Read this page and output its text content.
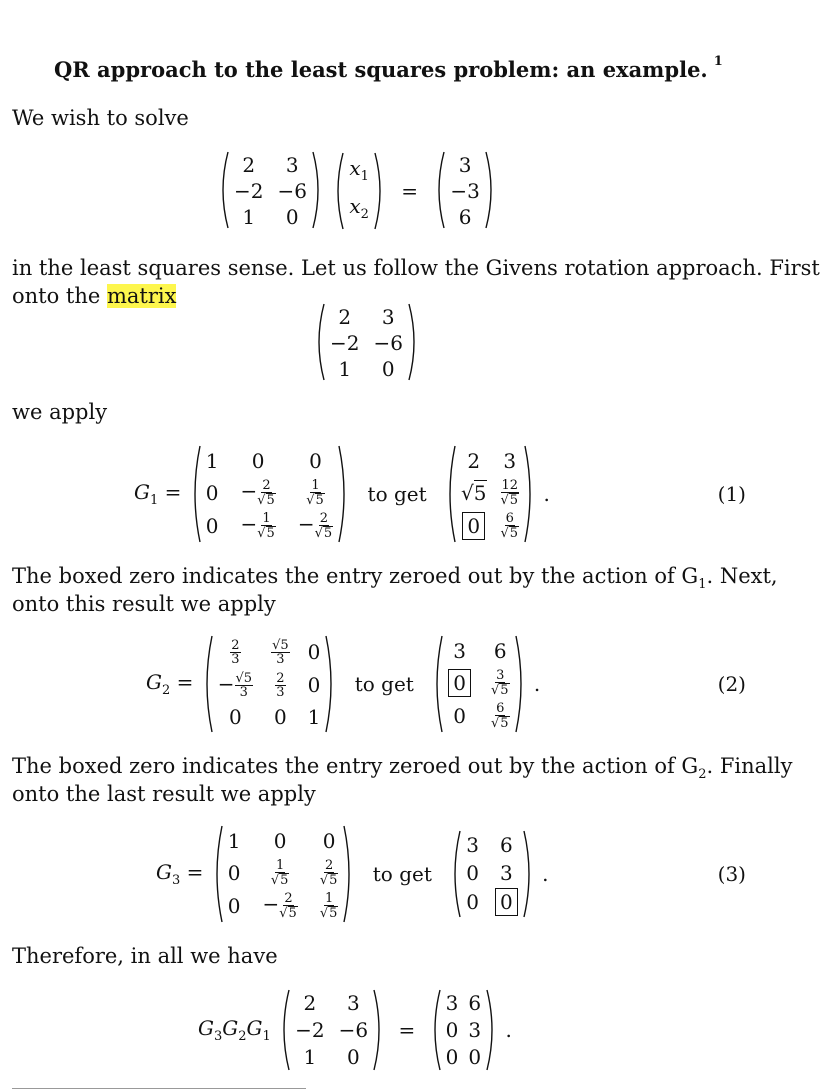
QR approach to the least squares problem: an example. $^1$
We wish to solve
2 3
−2 −6
1 0

$x_1$
$x_2$
=
3
−3
6
in the least squares sense. Let us follow the Givens rotation approach. First
onto the matrix
2 3
−2 −6
1 0
we apply
$G_1$ =
1 0 0
$0 - \frac{2}{√5} \frac{1}{√5}$
$0 - \frac{1}{√5} - \frac{2}{√5}$
to get
2 3
$√5 \frac{12}{√5}$
0	$\frac{6}{√5}$
.	(1)
The boxed zero indicates the entry zeroed out by the action of $G_1$. Next,
onto this result we apply
$G_2$ =
$\frac{2}{3} \frac{√5}{3} 0$
− $\frac{√5}{3} \frac{2}{3} 0$
0 0 1
to get
3 6
0	$\frac{3}{√5}$
$0 \frac{6}{√5}$
.	(2)
The boxed zero indicates the entry zeroed out by the action of $G_2$. Finally
onto the last result we apply
$G_3$ =
1 0 0
$0 \frac{1}{√5} \frac{2}{√5}$
$0 - \frac{2}{√5} \frac{1}{√5}$
to get
3 6
0 3
0 0
.	(3)
Therefore, in all we have
$G_3G_2G_1$
2 3
−2 −6
1 0
=
3 6
0 3
0 0
.
